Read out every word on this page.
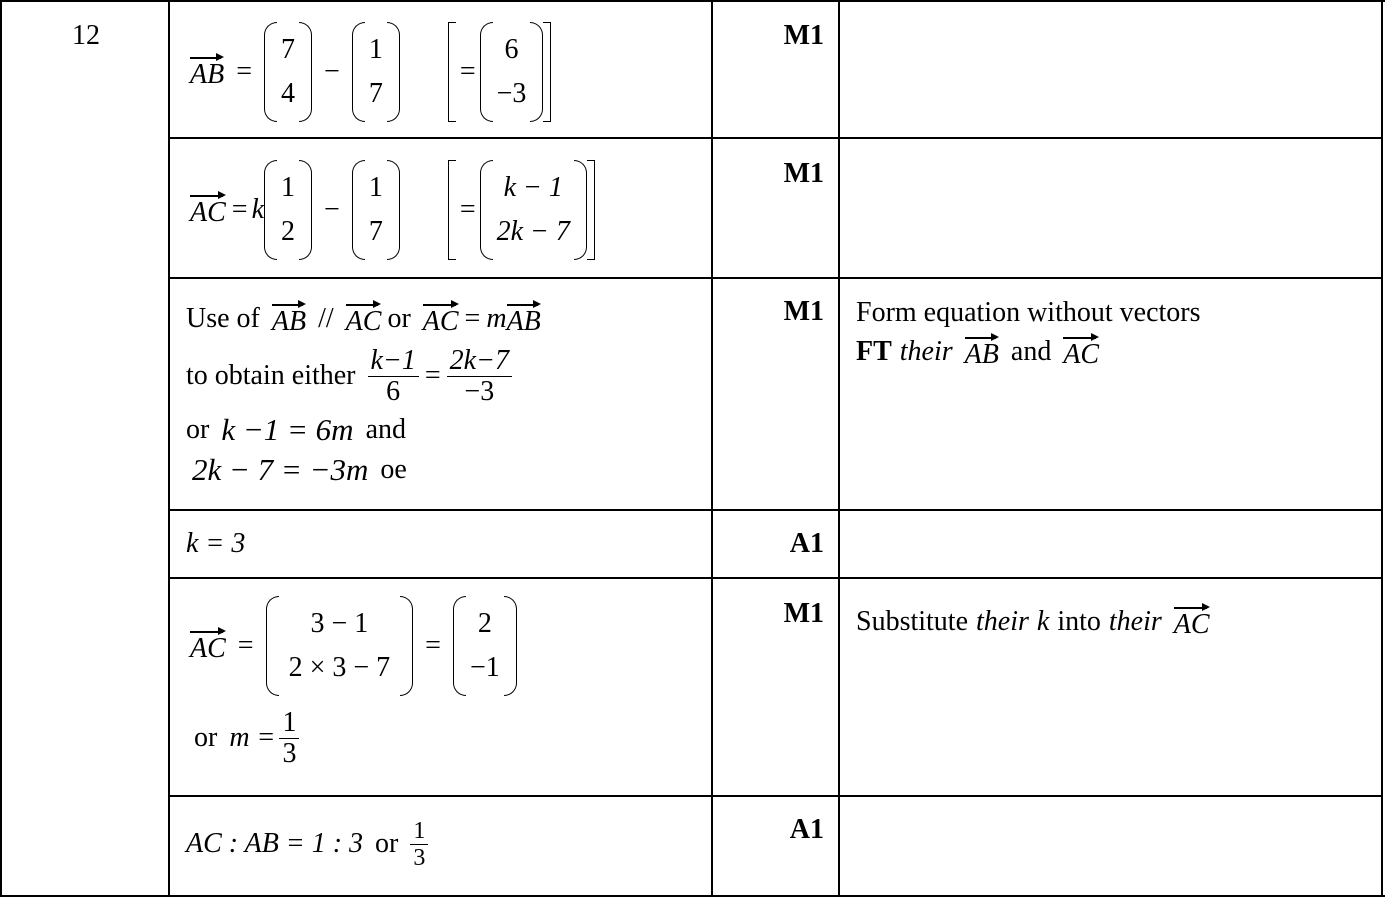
12
AB =
7
4
−
1
7
=
6
−3
M1
AC = k
1
2
−
1
7
=
k − 1
2k − 7
M1
Use of AB // AC or AC = m AB
to obtain either $\frac{k-1}{6} = \frac{2k-7}{-3}$
or k −1 = 6m and
2k − 7 = −3m oe
M1 Form equation without vectors
FT their AB and AC
k = 3	A1
AC =
3 − 1
2 × 3 − 7
=
2
−1
or $m = \frac{1}{3}$
M1 Substitute their k into their AC
AC : AB = 1 : 3 or $\frac{1}{3}$	A1
